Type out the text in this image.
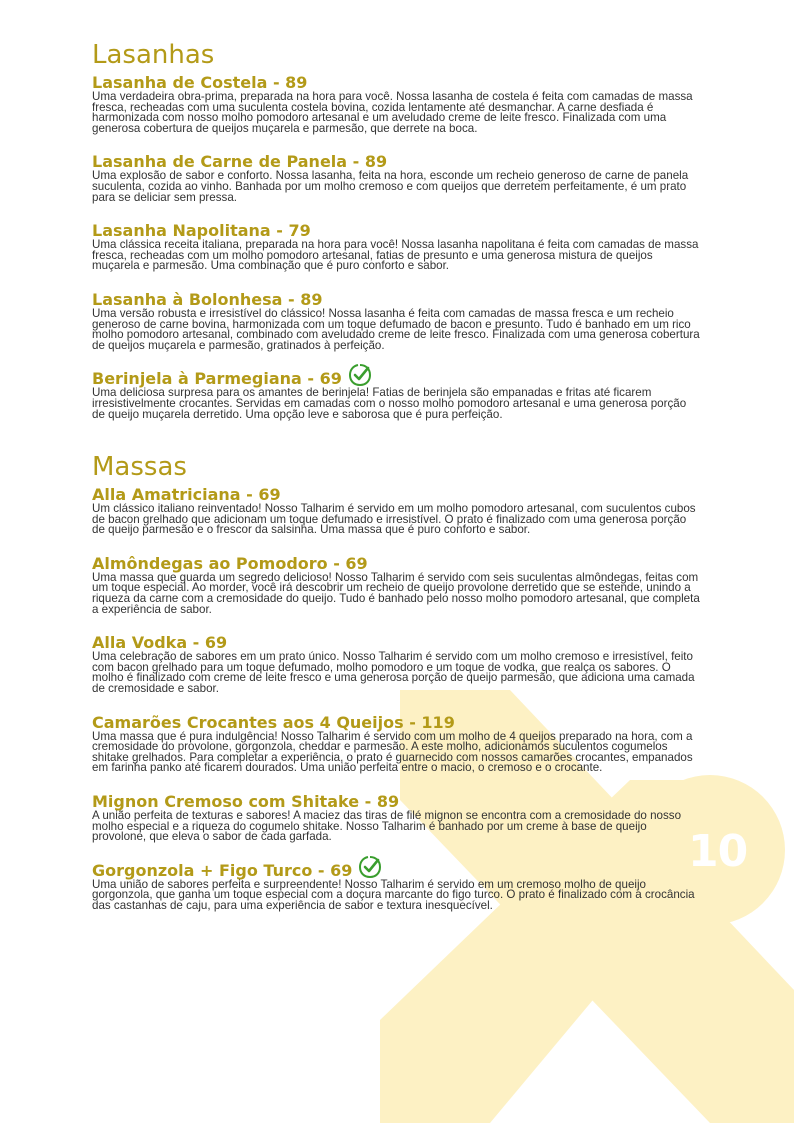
10
Lasanhas
Lasanha de Costela - 89

Uma verdadeira obra-prima, preparada na hora para você. Nossa lasanha de costela é feita com camadas de massa fresca, recheadas com uma suculenta costela bovina, cozida lentamente até desmanchar. A carne desfiada é harmonizada com nosso molho pomodoro artesanal e um aveludado creme de leite fresco. Finalizada com uma generosa cobertura de queijos muçarela e parmesão, que derrete na boca.

Lasanha de Carne de Panela - 89

Uma explosão de sabor e conforto. Nossa lasanha, feita na hora, esconde um recheio generoso de carne de panela suculenta, cozida ao vinho. Banhada por um molho cremoso e com queijos que derretem perfeitamente, é um prato para se deliciar sem pressa.

Lasanha Napolitana - 79

Uma clássica receita italiana, preparada na hora para você! Nossa lasanha napolitana é feita com camadas de massa fresca, recheadas com um molho pomodoro artesanal, fatias de presunto e uma generosa mistura de queijos muçarela e parmesão. Uma combinação que é puro conforto e sabor.

Lasanha à Bolonhesa - 89

Uma versão robusta e irresistível do clássico! Nossa lasanha é feita com camadas de massa fresca e um recheio generoso de carne bovina, harmonizada com um toque defumado de bacon e presunto. Tudo é banhado em um rico molho pomodoro artesanal, combinado com aveludado creme de leite fresco. Finalizada com uma generosa cobertura de queijos muçarela e parmesão, gratinados à perfeição.

Berinjela à Parmegiana - 69

Uma deliciosa surpresa para os amantes de berinjela! Fatias de berinjela são empanadas e fritas até ficarem irresistivelmente crocantes. Servidas em camadas com o nosso molho pomodoro artesanal e uma generosa porção de queijo muçarela derretido. Uma opção leve e saborosa que é pura perfeição.

Massas
Alla Amatriciana - 69

Um clássico italiano reinventado! Nosso Talharim é servido em um molho pomodoro artesanal, com suculentos cubos de bacon grelhado que adicionam um toque defumado e irresistível. O prato é finalizado com uma generosa porção de queijo parmesão e o frescor da salsinha. Uma massa que é puro conforto e sabor.

Almôndegas ao Pomodoro - 69

Uma massa que guarda um segredo delicioso! Nosso Talharim é servido com seis suculentas almôndegas, feitas com um toque especial. Ao morder, você irá descobrir um recheio de queijo provolone derretido que se estende, unindo a riqueza da carne com a cremosidade do queijo. Tudo é banhado pelo nosso molho pomodoro artesanal, que completa a experiência de sabor.

Alla Vodka - 69

Uma celebração de sabores em um prato único. Nosso Talharim é servido com um molho cremoso e irresistível, feito com bacon grelhado para um toque defumado, molho pomodoro e um toque de vodka, que realça os sabores. O molho é finalizado com creme de leite fresco e uma generosa porção de queijo parmesão, que adiciona uma camada de cremosidade e sabor.

Camarões Crocantes aos 4 Queijos - 119

Uma massa que é pura indulgência! Nosso Talharim é servido com um molho de 4 queijos preparado na hora, com a cremosidade do provolone, gorgonzola, cheddar e parmesão. A este molho, adicionamos suculentos cogumelos shitake grelhados. Para completar a experiência, o prato é guarnecido com nossos camarões crocantes, empanados em farinha panko até ficarem dourados. Uma união perfeita entre o macio, o cremoso e o crocante.

Mignon Cremoso com Shitake - 89

A união perfeita de texturas e sabores! A maciez das tiras de filé mignon se encontra com a cremosidade do nosso molho especial e a riqueza do cogumelo shitake. Nosso Talharim é banhado por um creme à base de queijo provolone, que eleva o sabor de cada garfada.

Gorgonzola + Figo Turco - 69

Uma união de sabores perfeita e surpreendente! Nosso Talharim é servido em um cremoso molho de queijo gorgonzola, que ganha um toque especial com a doçura marcante do figo turco. O prato é finalizado com a crocância das castanhas de caju, para uma experiência de sabor e textura inesquecível.
